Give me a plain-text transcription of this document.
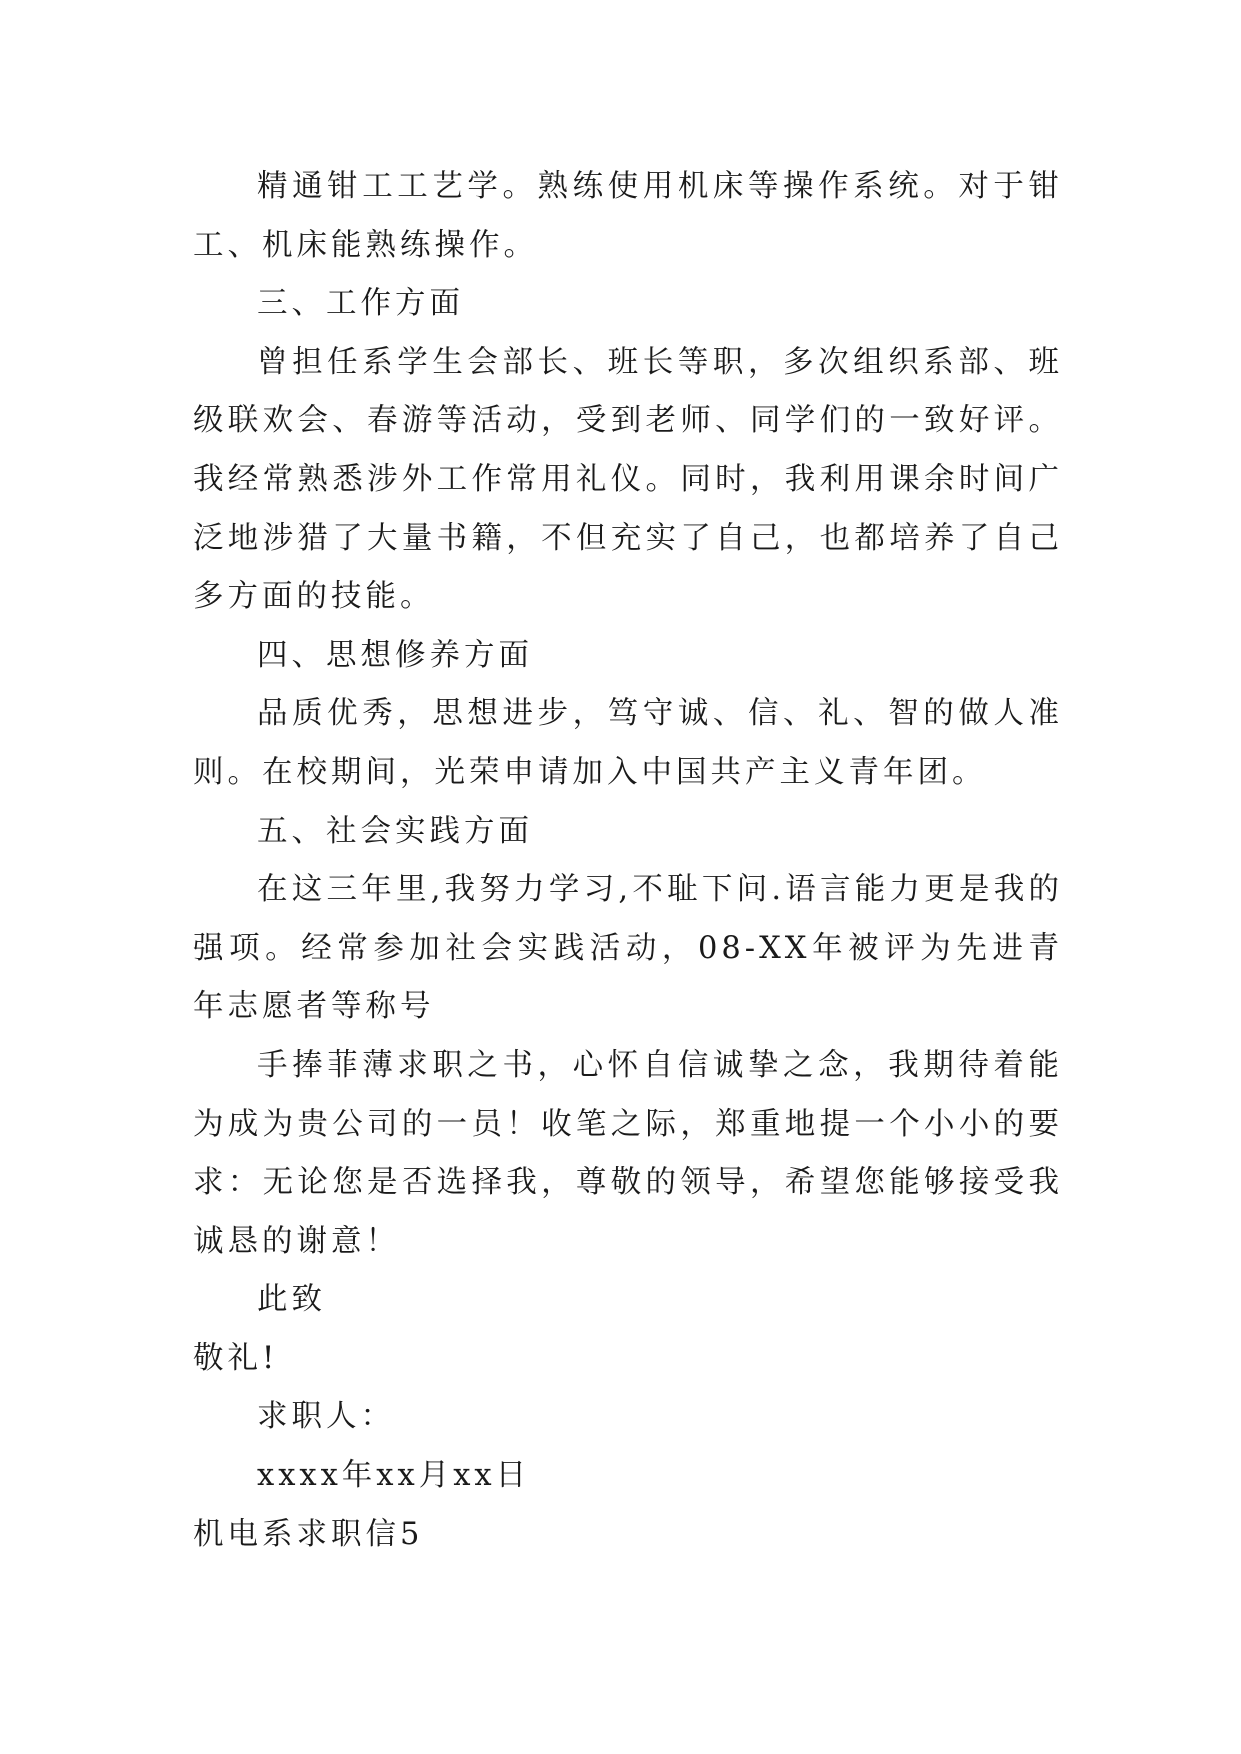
精通钳工工艺学。熟练使用机床等操作系统。对于钳工、机床能熟练操作。

三、工作方面

曾担任系学生会部长、班长等职，多次组织系部、班级联欢会、春游等活动，受到老师、同学们的一致好评。我经常熟悉涉外工作常用礼仪。同时，我利用课余时间广泛地涉猎了大量书籍，不但充实了自己，也都培养了自己多方面的技能。

四、思想修养方面

品质优秀，思想进步，笃守诚、信、礼、智的做人准则。在校期间，光荣申请加入中国共产主义青年团。

五、社会实践方面

在这三年里,我努力学习,不耻下问.语言能力更是我的强项。经常参加社会实践活动，08-XX年被评为先进青年志愿者等称号

手捧菲薄求职之书，心怀自信诚挚之念，我期待着能为成为贵公司的一员！收笔之际，郑重地提一个小小的要求：无论您是否选择我，尊敬的领导，希望您能够接受我诚恳的谢意！

此致

敬礼!

求职人：

xxxx年xx月xx日

机电系求职信5
